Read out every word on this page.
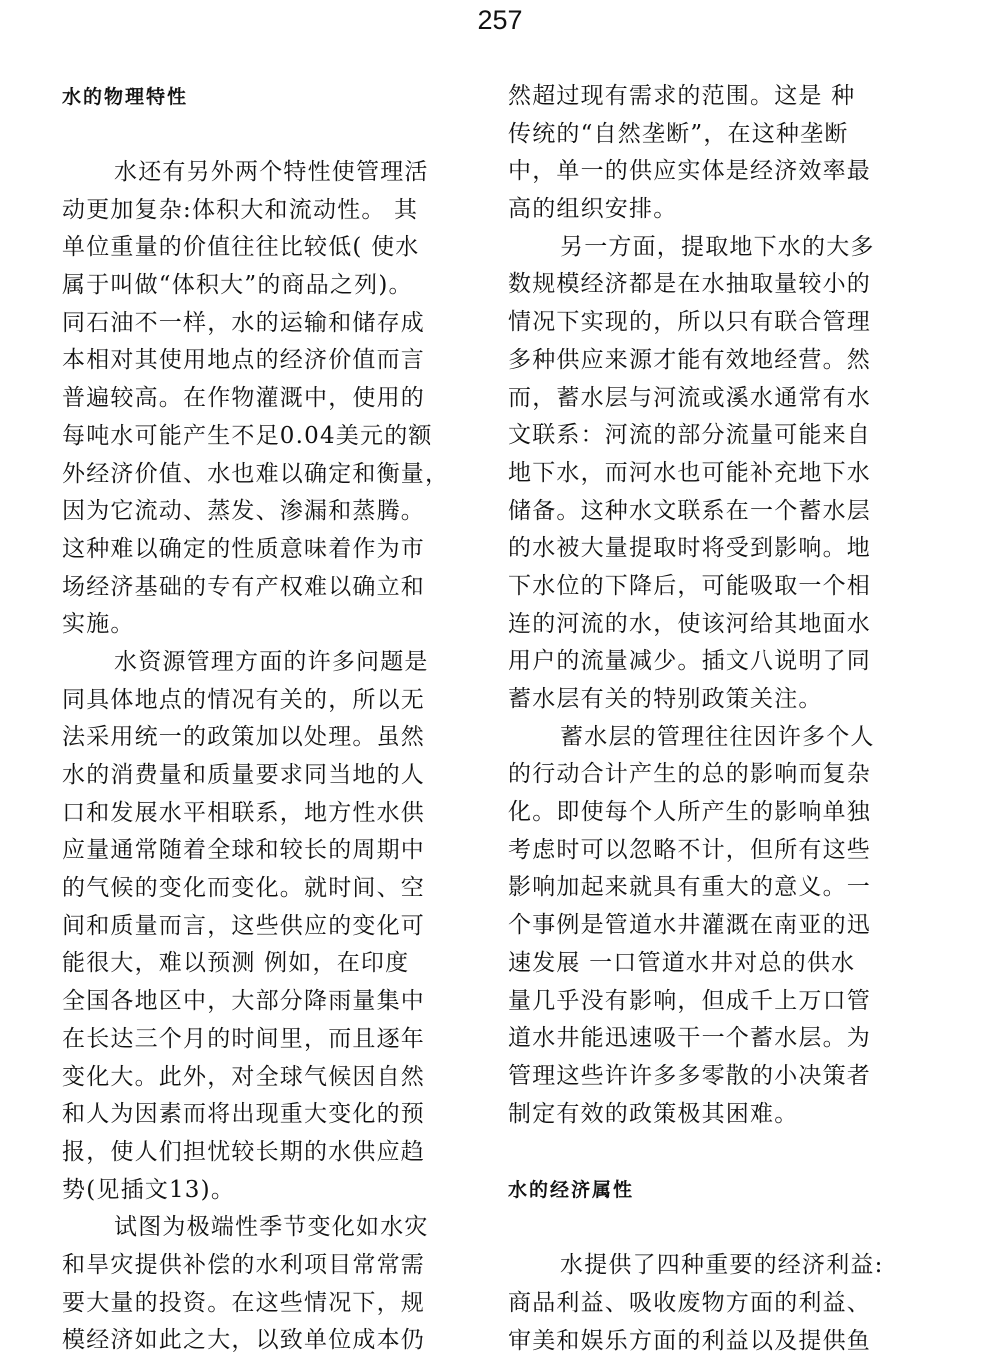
257
水的物理特性
水还有另外两个特性使管理活
动更加复杂:体积大和流动性。 其
单位重量的价值往往比较低( 使水
属于叫做“体积大”的商品之列)。
同石油不一样，水的运输和储存成
本相对其使用地点的经济价值而言
普遍较高。在作物灌溉中，使用的
每吨水可能产生不足0.04美元的额
外经济价值、水也难以确定和衡量，
因为它流动、蒸发、渗漏和蒸腾。
这种难以确定的性质意味着作为市
场经济基础的专有产权难以确立和
实施。
水资源管理方面的许多问题是
同具体地点的情况有关的，所以无
法采用统一的政策加以处理。虽然
水的消费量和质量要求同当地的人
口和发展水平相联系，地方性水供
应量通常随着全球和较长的周期中
的气候的变化而变化。就时间、空
间和质量而言，这些供应的变化可
能很大，难以预测 例如，在印度
全国各地区中，大部分降雨量集中
在长达三个月的时间里，而且逐年
变化大。此外，对全球气候因自然
和人为因素而将出现重大变化的预
报，使人们担忧较长期的水供应趋
势(见插文13)。
试图为极端性季节变化如水灾
和旱灾提供补偿的水利项目常常需
要大量的投资。在这些情况下，规
模经济如此之大，以致单位成本仍
然超过现有需求的范围。这是 种
传统的“自然垄断”，在这种垄断
中，单一的供应实体是经济效率最
高的组织安排。
另一方面，提取地下水的大多
数规模经济都是在水抽取量较小的
情况下实现的，所以只有联合管理
多种供应来源才能有效地经营。然
而，蓄水层与河流或溪水通常有水
文联系：河流的部分流量可能来自
地下水，而河水也可能补充地下水
储备。这种水文联系在一个蓄水层
的水被大量提取时将受到影响。地
下水位的下降后，可能吸取一个相
连的河流的水，使该河给其地面水
用户的流量减少。插文八说明了同
蓄水层有关的特别政策关注。
蓄水层的管理往往因许多个人
的行动合计产生的总的影响而复杂
化。即使每个人所产生的影响单独
考虑时可以忽略不计，但所有这些
影响加起来就具有重大的意义。一
个事例是管道水井灌溉在南亚的迅
速发展 一口管道水井对总的供水
量几乎没有影响，但成千上万口管
道水井能迅速吸干一个蓄水层。为
管理这些许许多多零散的小决策者
制定有效的政策极其困难。
水的经济属性
水提供了四种重要的经济利益:
商品利益、吸收废物方面的利益、
审美和娱乐方面的利益以及提供鱼
